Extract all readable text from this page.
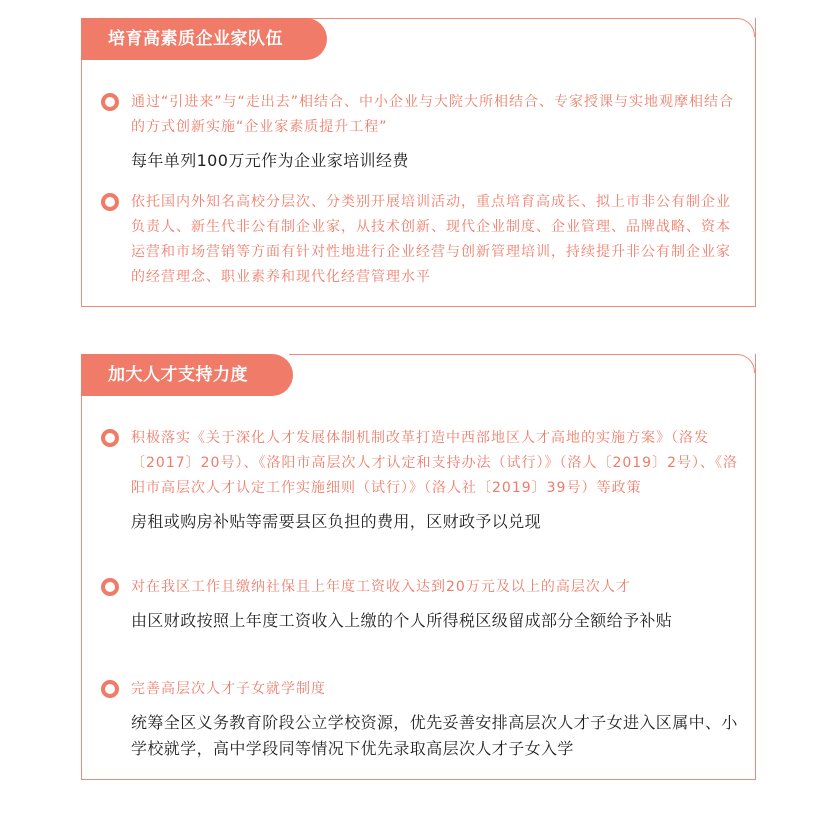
培育高素质企业家队伍

通过“引进来”与“走出去”相结合、中小企业与大院大所相结合、专家授课与实地观摩相结合的方式创新实施“企业家素质提升工程”

每年单列100万元作为企业家培训经费

依托国内外知名高校分层次、分类别开展培训活动，重点培育高成长、拟上市非公有制企业负责人、新生代非公有制企业家，从技术创新、现代企业制度、企业管理、品牌战略、资本运营和市场营销等方面有针对性地进行企业经营与创新管理培训，持续提升非公有制企业家的经营理念、职业素养和现代化经营管理水平

加大人才支持力度

积极落实《关于深化人才发展体制机制改革打造中西部地区人才高地的实施方案》（洛发〔2017〕20号）、《洛阳市高层次人才认定和支持办法（试行）》（洛人〔2019〕2号）、《洛阳市高层次人才认定工作实施细则（试行）》（洛人社〔2019〕39号）等政策

房租或购房补贴等需要县区负担的费用，区财政予以兑现

对在我区工作且缴纳社保且上年度工资收入达到20万元及以上的高层次人才

由区财政按照上年度工资收入上缴的个人所得税区级留成部分全额给予补贴

完善高层次人才子女就学制度

统筹全区义务教育阶段公立学校资源，优先妥善安排高层次人才子女进入区属中、小学校就学，高中学段同等情况下优先录取高层次人才子女入学
